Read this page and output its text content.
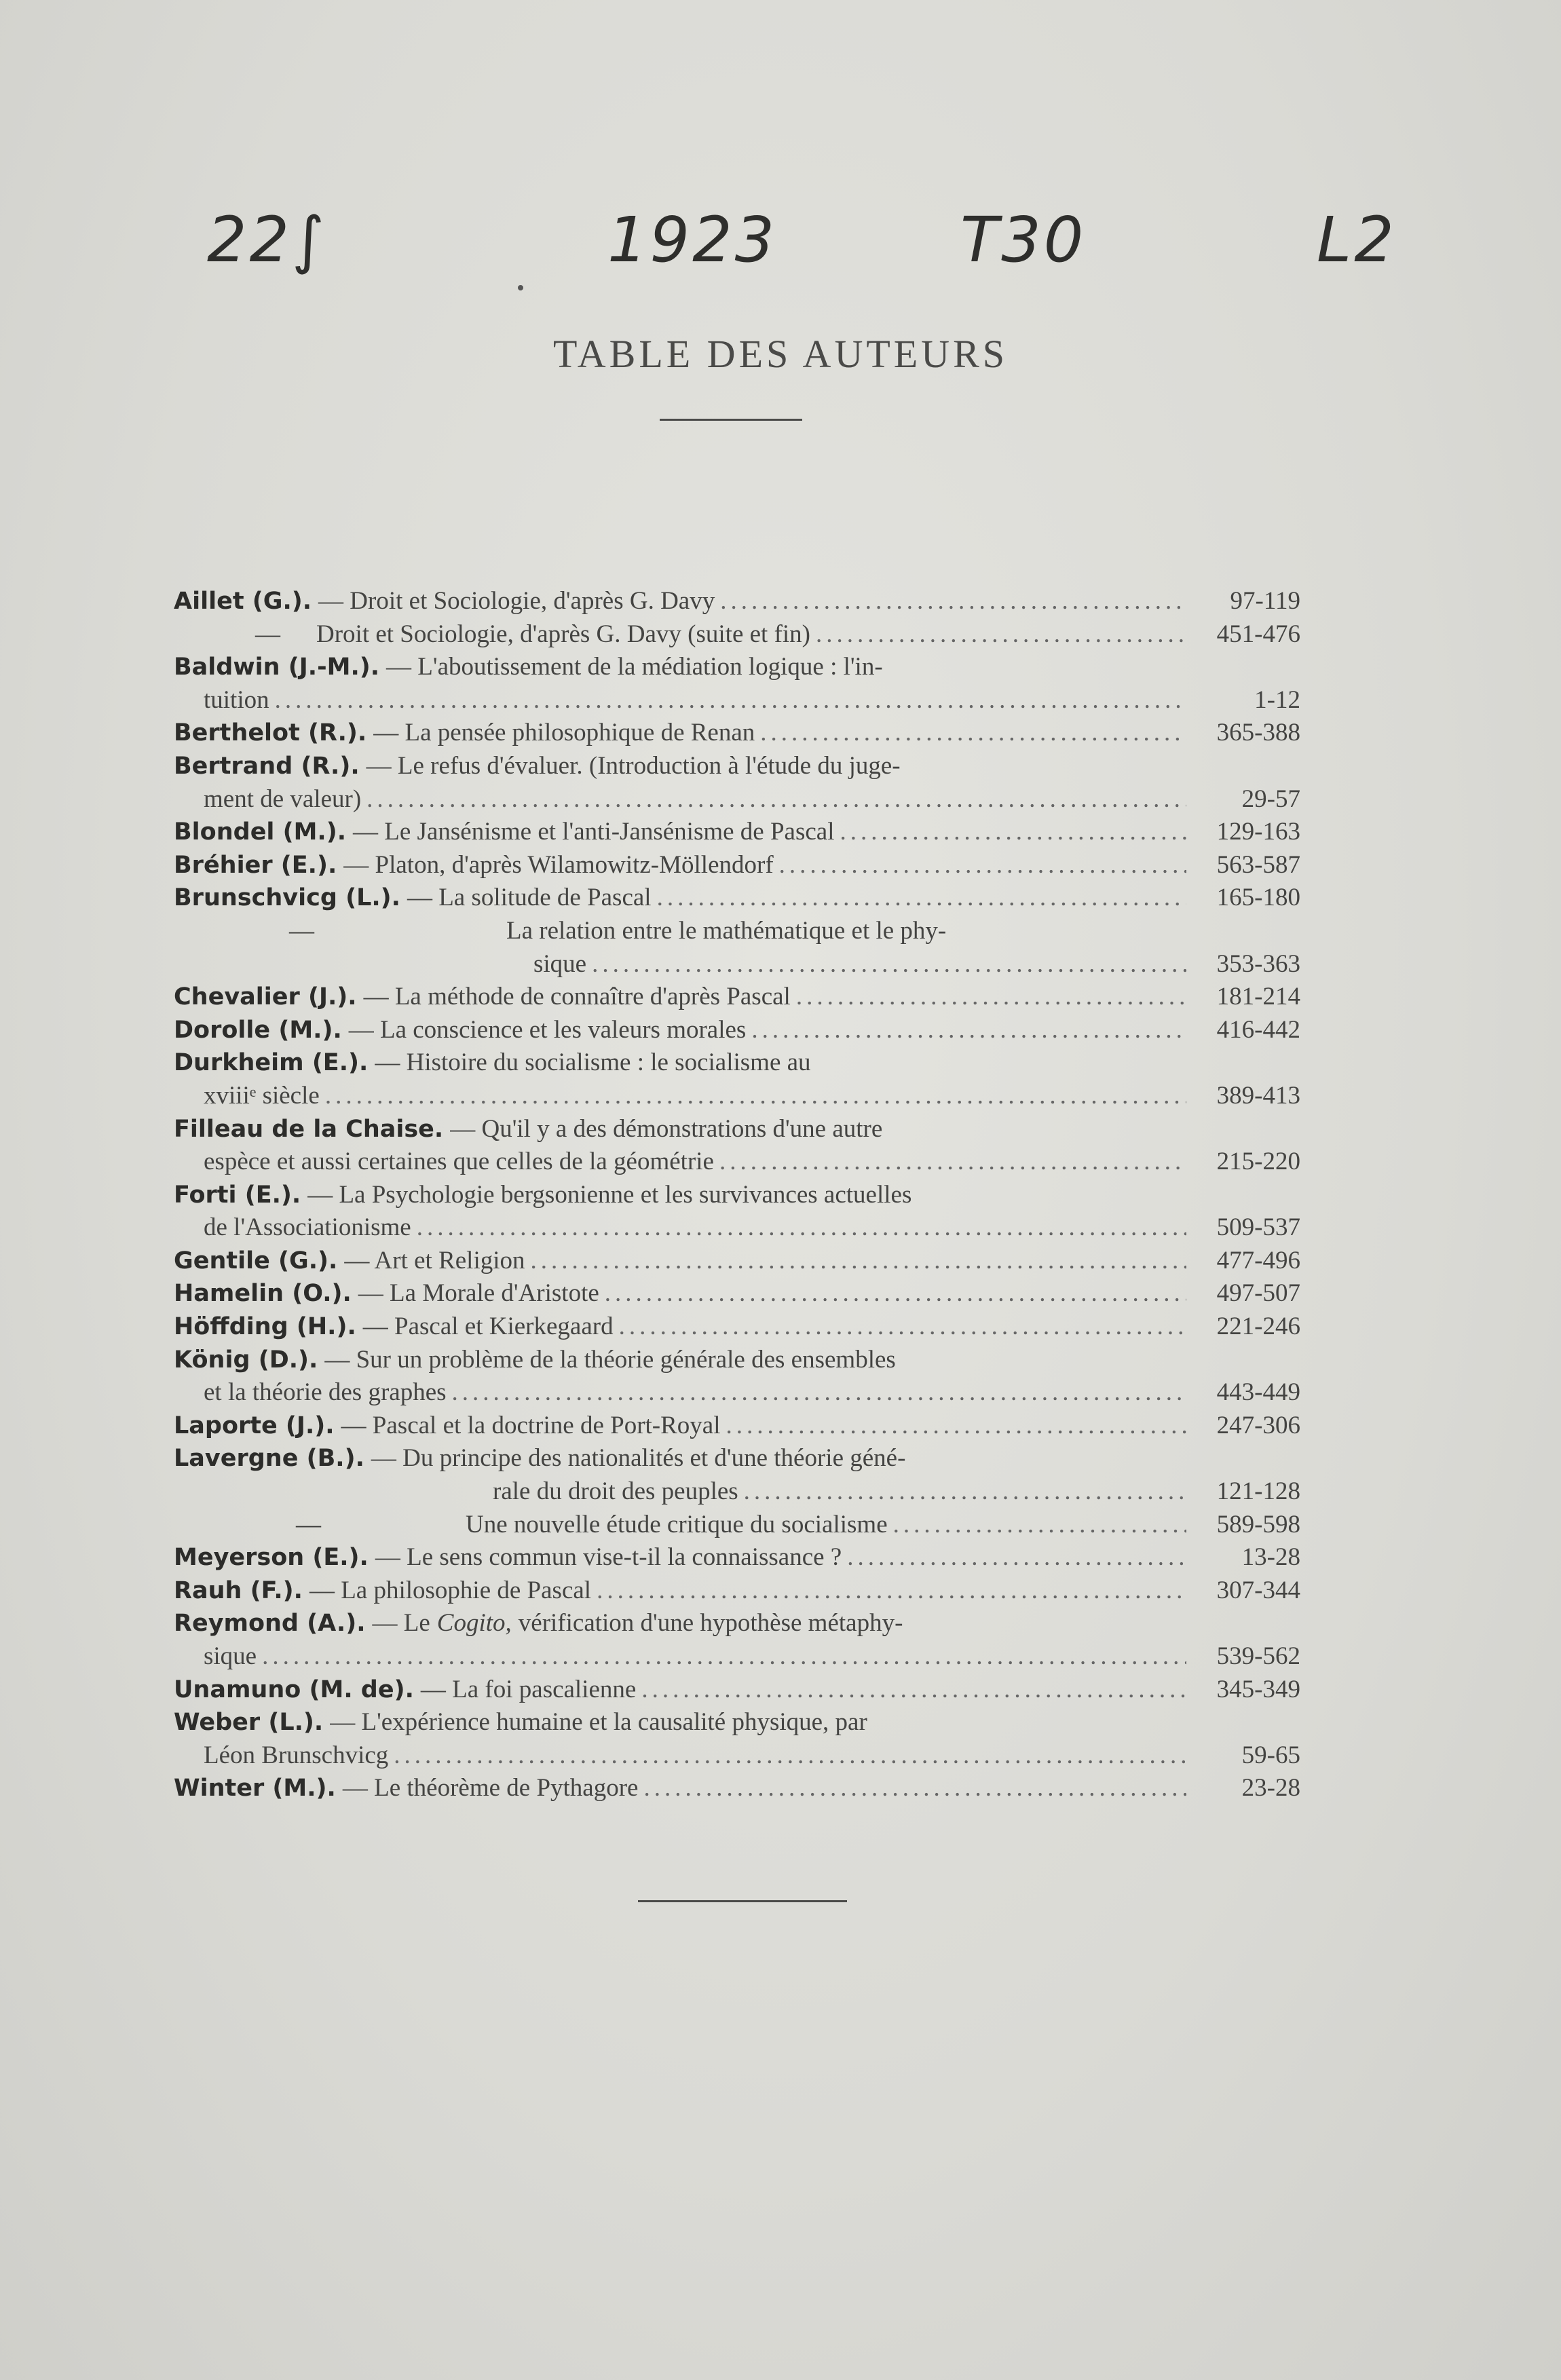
22∫	1923	T30	L2
TABLE DES AUTEURS
Aillet (G.). — Droit et Sociologie, d'après G. Davy .....	97-119
—	Droit et Sociologie, d'après G. Davy (suite et fin) .....	451-476
Baldwin (J.-M.). — L'aboutissement de la médiation logique : l'in-
tuition .....	1-12
Berthelot (R.). — La pensée philosophique de Renan .....	365-388
Bertrand (R.). — Le refus d'évaluer. (Introduction à l'étude du juge-
ment de valeur) .....	29-57
Blondel (M.). — Le Jansénisme et l'anti-Jansénisme de Pascal .....	129-163
Bréhier (E.). — Platon, d'après Wilamowitz-Möllendorf .....	563-587
Brunschvicg (L.). — La solitude de Pascal .....	165-180
—	La relation entre le mathématique et le phy-
sique .....	353-363
Chevalier (J.). — La méthode de connaître d'après Pascal .....	181-214
Dorolle (M.). — La conscience et les valeurs morales .....	416-442
Durkheim (E.). — Histoire du socialisme : le socialisme au
xviiiᵉ siècle .....	389-413
Filleau de la Chaise. — Qu'il y a des démonstrations d'une autre
espèce et aussi certaines que celles de la géométrie .....	215-220
Forti (E.). — La Psychologie bergsonienne et les survivances actuelles
de l'Associationisme .....	509-537
Gentile (G.). — Art et Religion .....	477-496
Hamelin (O.). — La Morale d'Aristote .....	497-507
Höffding (H.). — Pascal et Kierkegaard .....	221-246
König (D.). — Sur un problème de la théorie générale des ensembles
et la théorie des graphes .....	443-449
Laporte (J.). — Pascal et la doctrine de Port-Royal .....	247-306
Lavergne (B.). — Du principe des nationalités et d'une théorie géné-
rale du droit des peuples .....	121-128
—	Une nouvelle étude critique du socialisme .....	589-598
Meyerson (E.). — Le sens commun vise-t-il la connaissance ? .....	13-28
Rauh (F.). — La philosophie de Pascal .....	307-344
Reymond (A.). — Le Cogito, vérification d'une hypothèse métaphy-
sique .....	539-562
Unamuno (M. de). — La foi pascalienne .....	345-349
Weber (L.). — L'expérience humaine et la causalité physique, par
Léon Brunschvicg .....	59-65
Winter (M.). — Le théorème de Pythagore .....	23-28
